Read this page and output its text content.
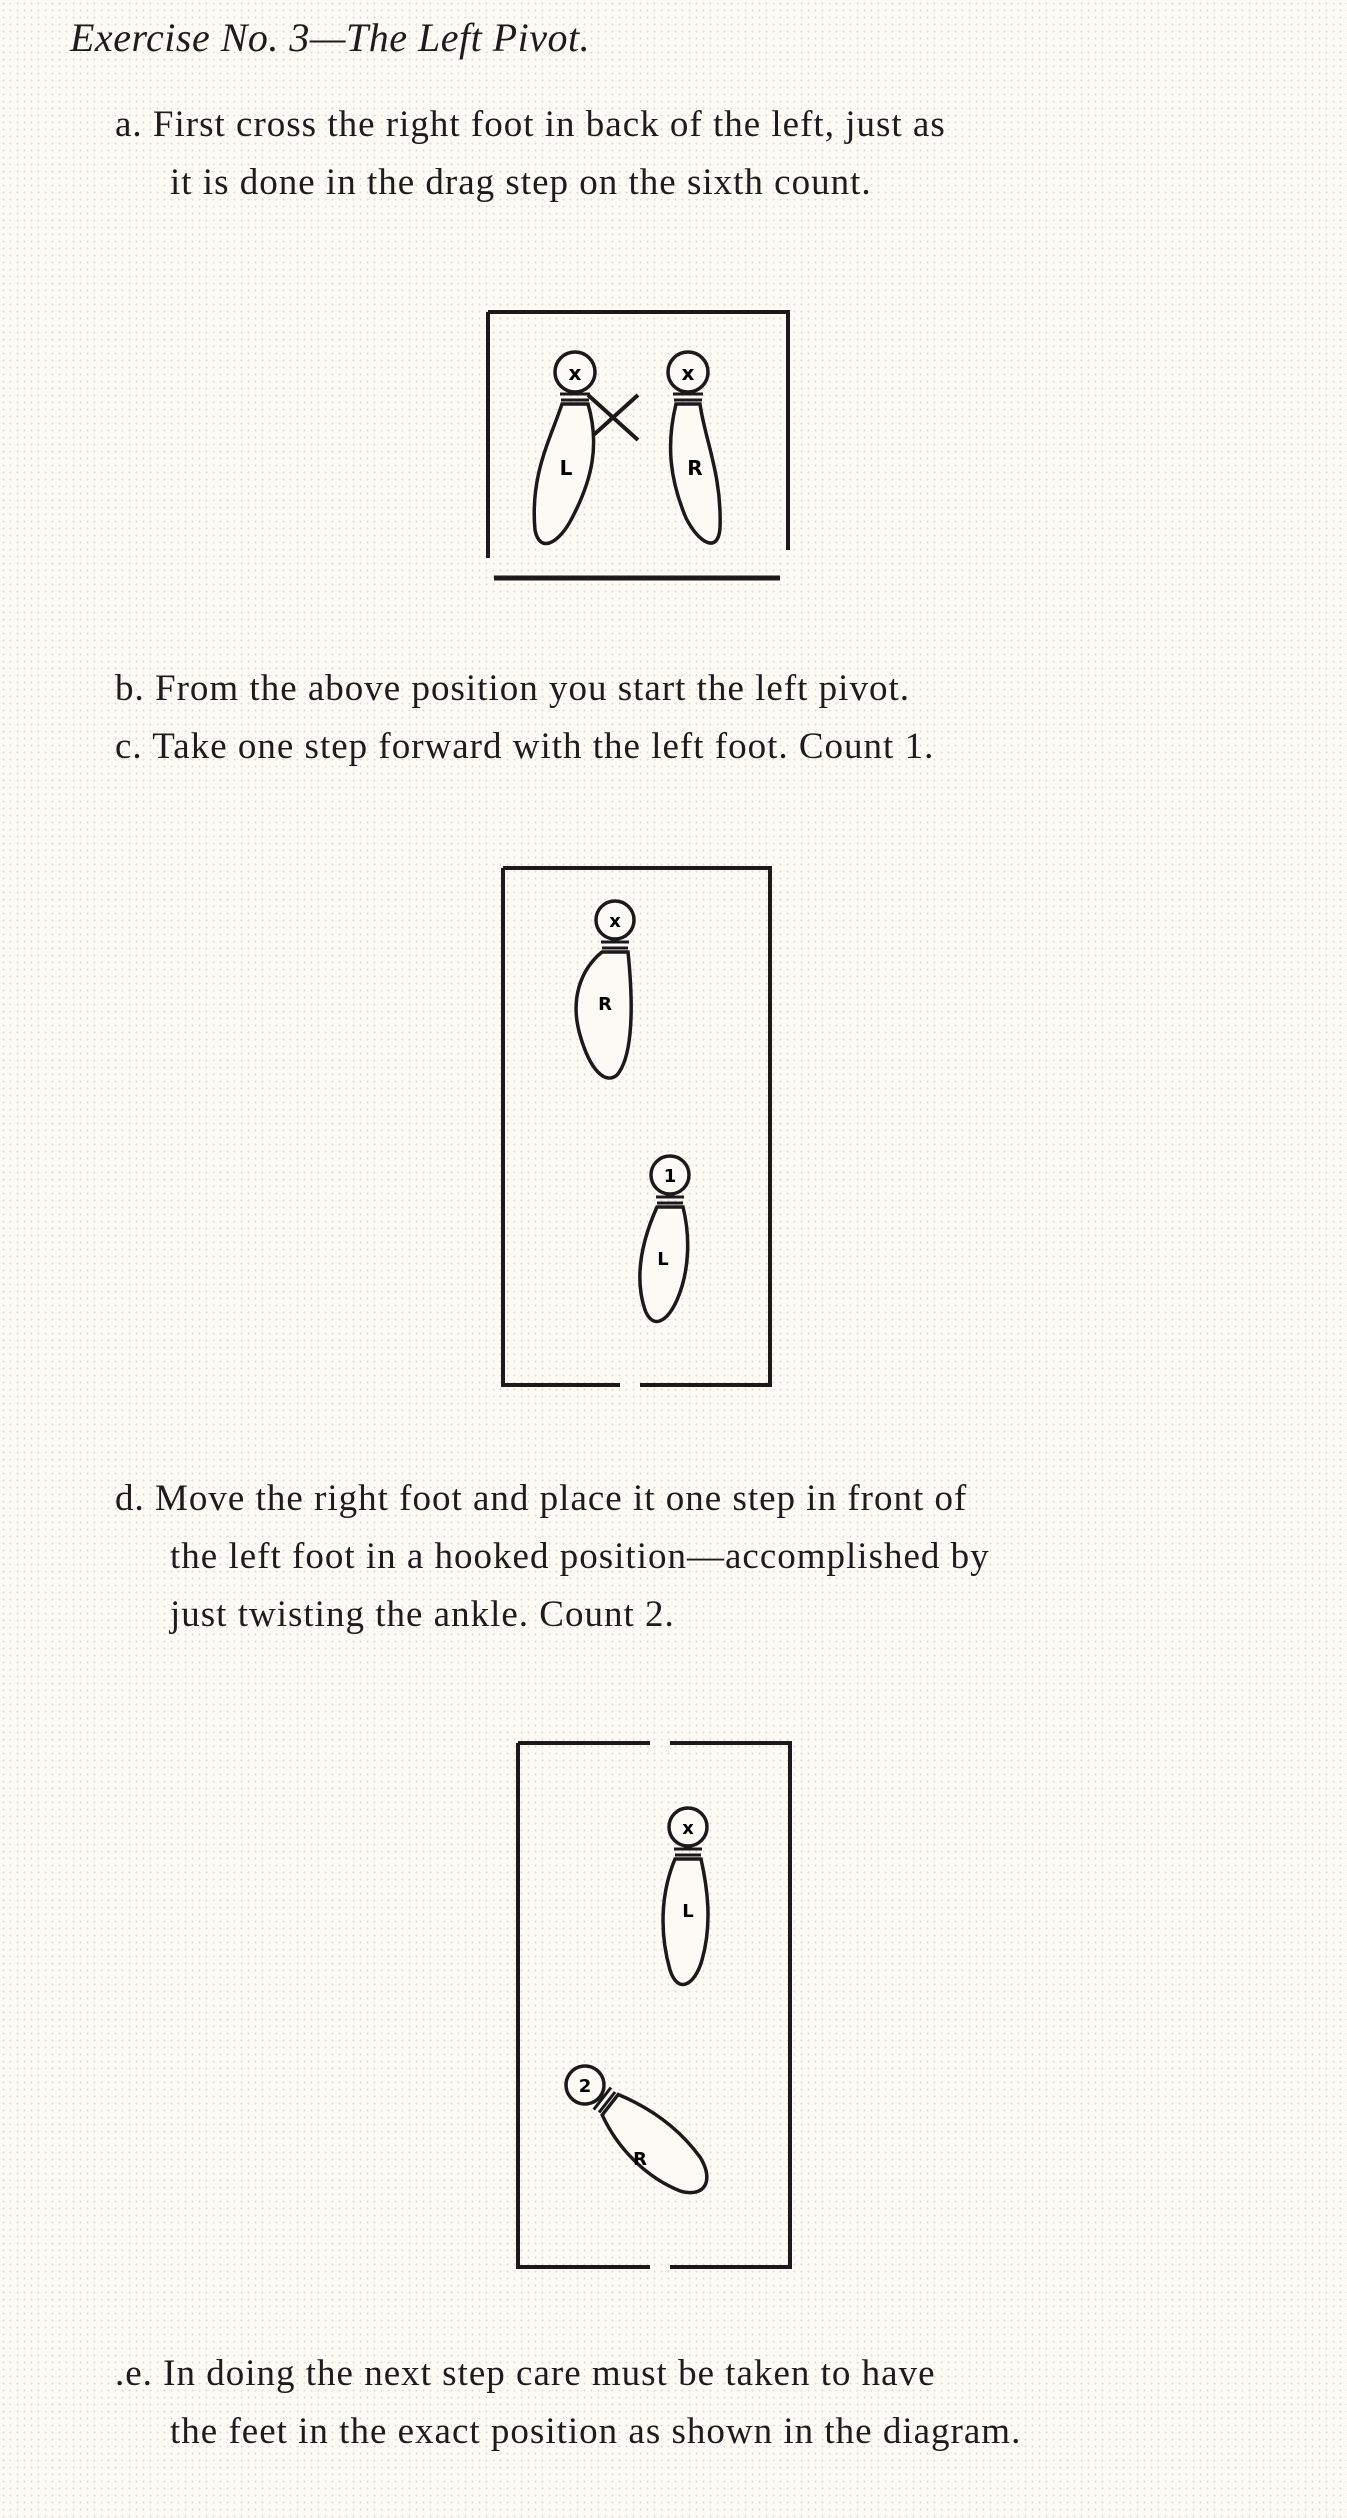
Exercise No. 3—The Left Pivot.
a. First cross the right foot in back of the left, just as
it is done in the drag step on the sixth count.
x
L
x
R
b. From the above position you start the left pivot.
c. Take one step forward with the left foot. Count 1.
x
R
1
L
d. Move the right foot and place it one step in front of
the left foot in a hooked position—accomplished by
just twisting the ankle. Count 2.
x
L
2
R
.e. In doing the next step care must be taken to have
the feet in the exact position as shown in the diagram.
